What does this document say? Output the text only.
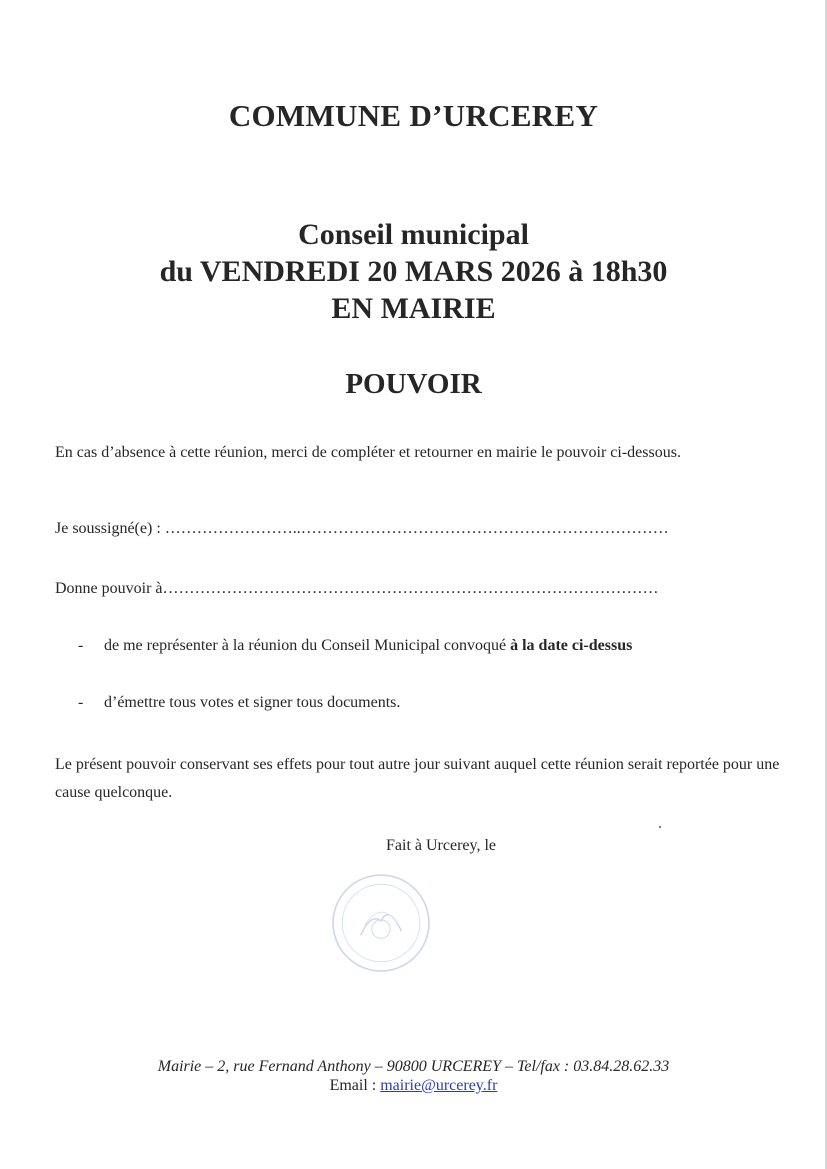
COMMUNE D’URCEREY
Conseil municipal
du VENDREDI 20 MARS 2026 à 18h30
EN MAIRIE
POUVOIR
En cas d’absence à cette réunion, merci de compléter et retourner en mairie le pouvoir ci-dessous.
Je soussigné(e) : ……………………..……………………………………………………………
Donne pouvoir à…………………………………………………………………………………
- de me représenter à la réunion du Conseil Municipal convoqué à la date ci-dessus
- d’émettre tous votes et signer tous documents.
Le présent pouvoir conservant ses effets pour tout autre jour suivant auquel cette réunion serait reportée pour une cause quelconque.
Fait à Urcerey, le
Mairie – 2, rue Fernand Anthony – 90800 URCEREY – Tel/fax : 03.84.28.62.33
Email : mairie@urcerey.fr
